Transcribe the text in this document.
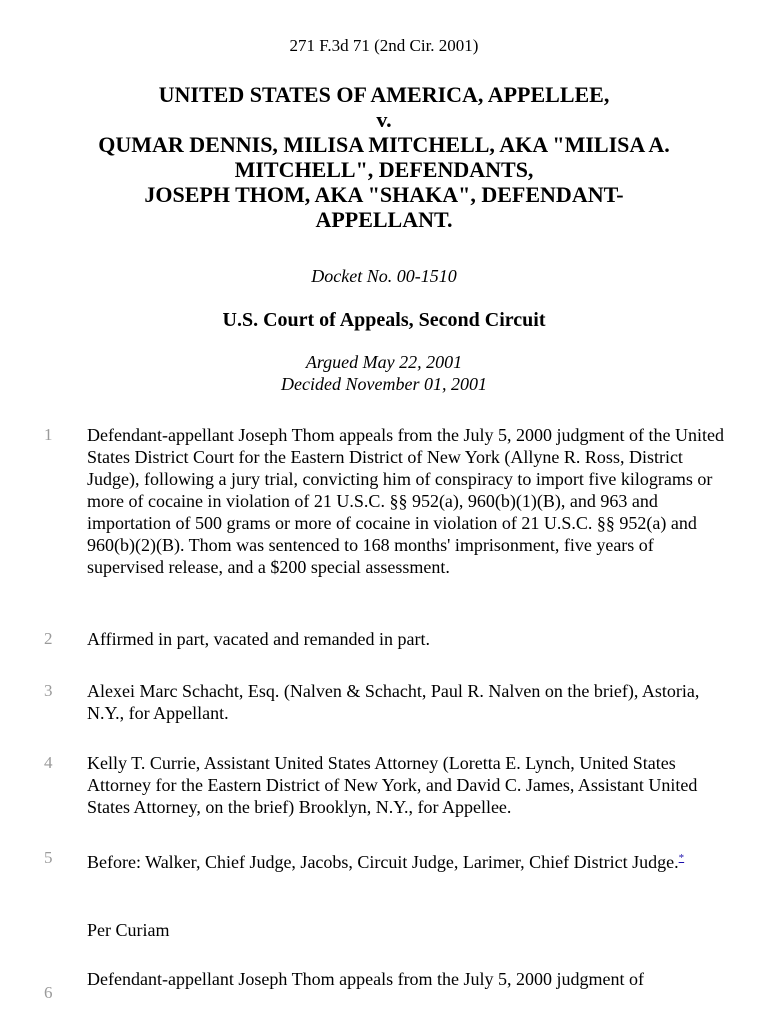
271 F.3d 71 (2nd Cir. 2001)
UNITED STATES OF AMERICA, APPELLEE,
v.
QUMAR DENNIS, MILISA MITCHELL, AKA "MILISA A.
MITCHELL", DEFENDANTS,
JOSEPH THOM, AKA "SHAKA", DEFENDANT-
APPELLANT.
Docket No. 00-1510
U.S. Court of Appeals, Second Circuit
Argued May 22, 2001
Decided November 01, 2001
1	Defendant-appellant Joseph Thom appeals from the July 5, 2000 judgment of the United States District Court for the Eastern District of New York (Allyne R. Ross, District Judge), following a jury trial, convicting him of conspiracy to import five kilograms or more of cocaine in violation of 21 U.S.C. §§ 952(a), 960(b)(1)(B), and 963 and importation of 500 grams or more of cocaine in violation of 21 U.S.C. §§ 952(a) and 960(b)(2)(B). Thom was sentenced to 168 months' imprisonment, five years of supervised release, and a $200 special assessment.
2	Affirmed in part, vacated and remanded in part.
3	Alexei Marc Schacht, Esq. (Nalven & Schacht, Paul R. Nalven on the brief), Astoria, N.Y., for Appellant.
4	Kelly T. Currie, Assistant United States Attorney (Loretta E. Lynch, United States Attorney for the Eastern District of New York, and David C. James, Assistant United States Attorney, on the brief) Brooklyn, N.Y., for Appellee.
5	Before: Walker, Chief Judge, Jacobs, Circuit Judge, Larimer, Chief District Judge.*
Per Curiam
6
Defendant-appellant Joseph Thom appeals from the July 5, 2000 judgment of
